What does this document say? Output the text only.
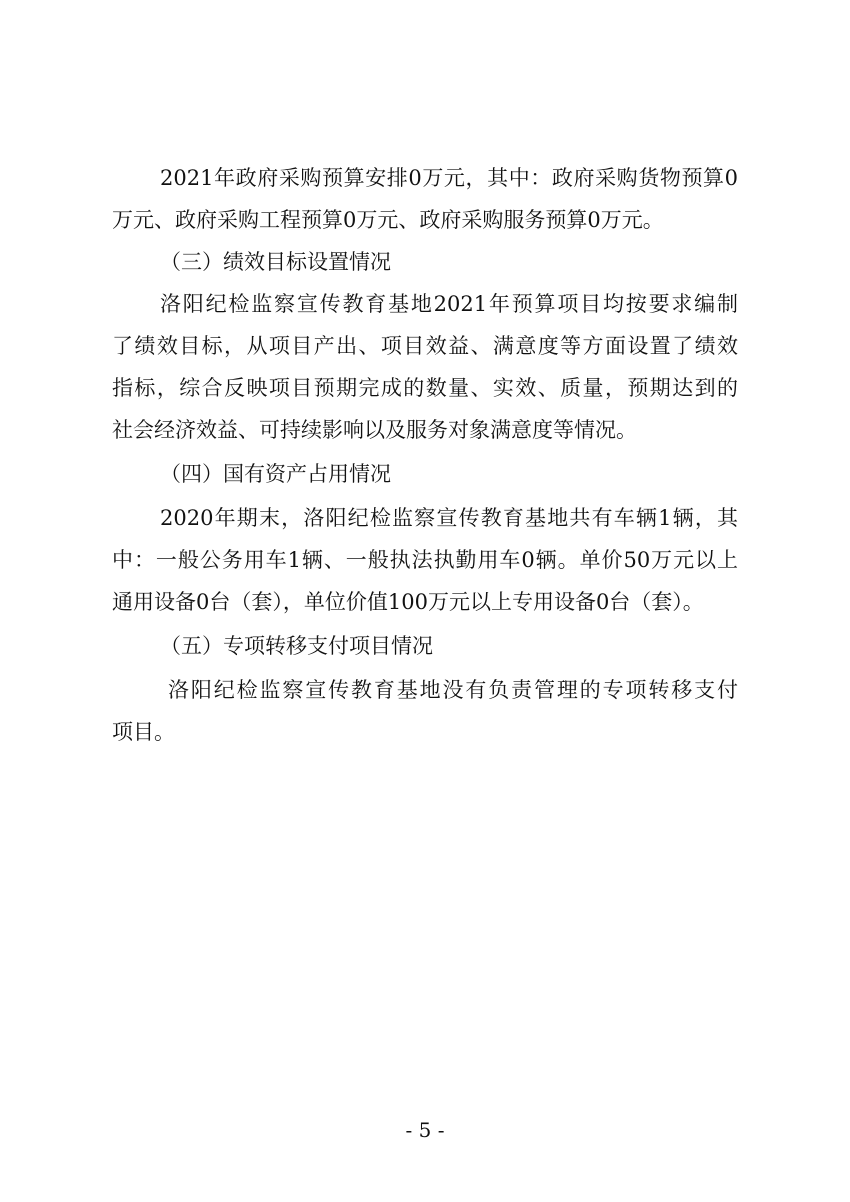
2021年政府采购预算安排0万元，其中：政府采购货物预算0
万元、政府采购工程预算0万元、政府采购服务预算0万元。
（三）绩效目标设置情况
洛阳纪检监察宣传教育基地2021年预算项目均按要求编制
了绩效目标，从项目产出、项目效益、满意度等方面设置了绩效
指标，综合反映项目预期完成的数量、实效、质量，预期达到的
社会经济效益、可持续影响以及服务对象满意度等情况。
（四）国有资产占用情况
2020年期末，洛阳纪检监察宣传教育基地共有车辆1辆，其
中：一般公务用车1辆、一般执法执勤用车0辆。单价50万元以上
通用设备0台（套），单位价值100万元以上专用设备0台（套）。
（五）专项转移支付项目情况
洛阳纪检监察宣传教育基地没有负责管理的专项转移支付
项目。
- 5 -
